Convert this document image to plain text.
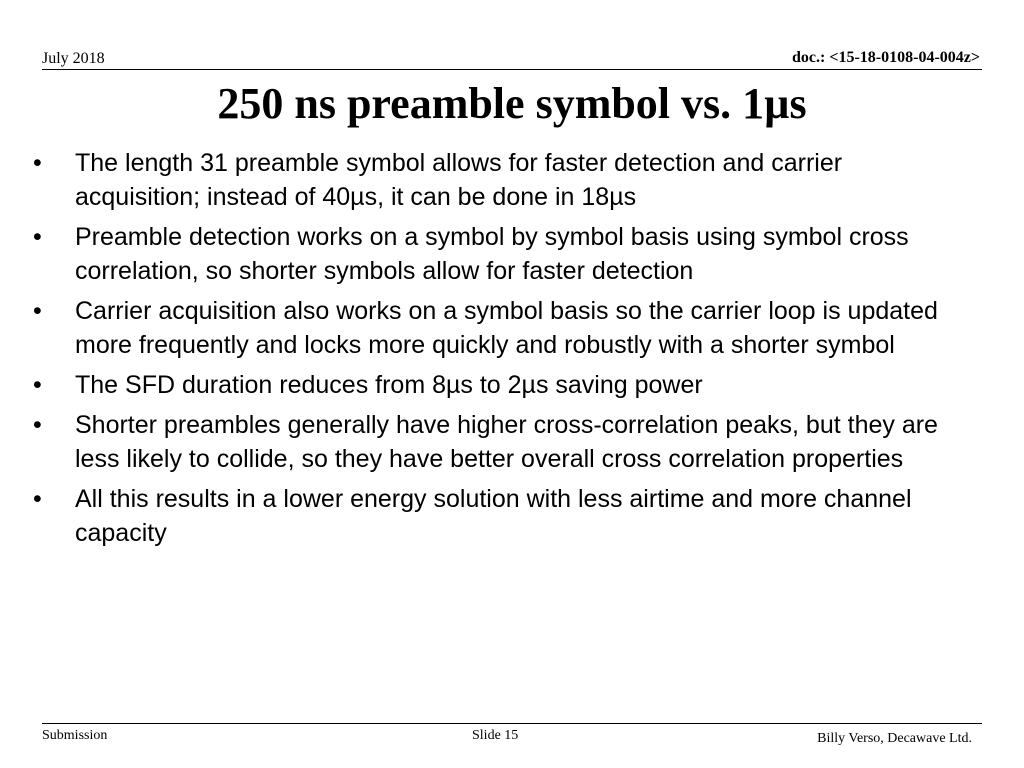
July 2018	doc.: <15-18-0108-04-004z>
250 ns preamble symbol vs. 1µs
• The length 31 preamble symbol allows for faster detection and carrier acquisition; instead of 40µs, it can be done in 18µs
• Preamble detection works on a symbol by symbol basis using symbol cross correlation, so shorter symbols allow for faster detection
• Carrier acquisition also works on a symbol basis so the carrier loop is updated more frequently and locks more quickly and robustly with a shorter symbol
• The SFD duration reduces from 8µs to 2µs saving power
• Shorter preambles generally have higher cross-correlation peaks, but they are less likely to collide, so they have better overall cross correlation properties
• All this results in a lower energy solution with less airtime and more channel capacity
Submission	Slide 15	Billy Verso, Decawave Ltd.
